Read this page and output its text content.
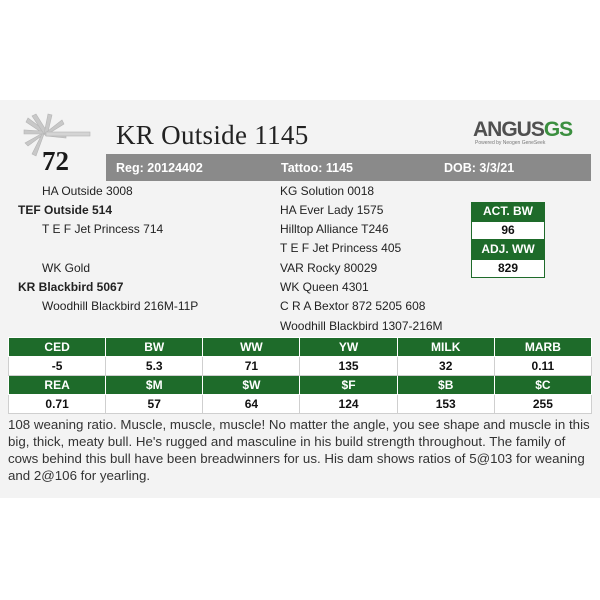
72
KR Outside 1145	ANGUSGS
Powered by Neogen GeneSeek
Reg: 20124402	Tattoo: 1145	DOB: 3/3/21
HA Outside 3008
TEF Outside 514
T E F Jet Princess 714
WK Gold
KR Blackbird 5067
Woodhill Blackbird 216M-11P
KG Solution 0018
HA Ever Lady 1575
Hilltop Alliance T246
T E F Jet Princess 405
VAR Rocky 80029
WK Queen 4301
C R A Bextor 872 5205 608
Woodhill Blackbird 1307-216M
ACT. BW
96
ADJ. WW
829
CED	BW	WW	YW	MILK	MARB
-5	5.3	71	135	32	0.11
REA	$M	$W	$F	$B	$C
0.71	57	64	124	153	255
108 weaning ratio. Muscle, muscle, muscle! No matter the angle, you see shape and muscle in this big, thick, meaty bull. He's rugged and masculine in his build strength throughout. The family of cows behind this bull have been breadwinners for us. His dam shows ratios of 5@103 for weaning and 2@106 for yearling.
